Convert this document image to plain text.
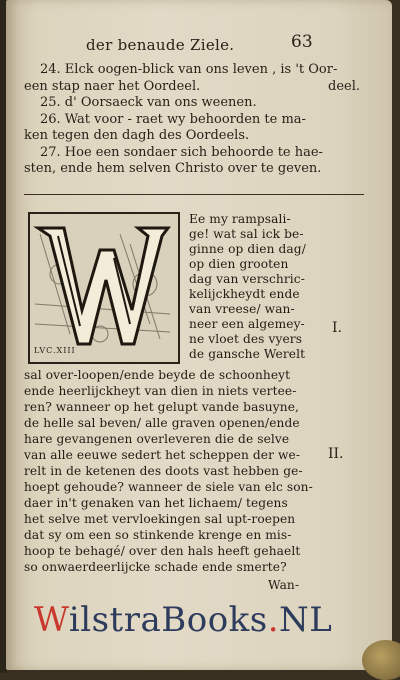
der benaude Ziele.	63
24. Elck oogen-blick van ons leven , is 't Oor-
een stap naer het Oordeel.
25. d' Oorsaeck van ons weenen.
26. Wat voor - raet wy behoorden te ma-
ken tegen den dagh des Oordeels.
27. Hoe een sondaer sich behoorde te hae-
sten, ende hem selven Christo over te geven.
deel.
LVC.XIII
Ee my rampsali-
ge! wat sal ick be-
ginne op dien dag/
op dien grooten
dag van verschric-
kelijckheydt ende
van vreese/ wan-
neer een algemey-
ne vloet des vyers
de gansche Werelt
I.
II.
sal over-loopen/ende beyde de schoonheyt
ende heerlijckheyt van dien in niets vertee-
ren? wanneer op het gelupt vande basuyne,
de helle sal beven/ alle graven openen/ende
hare gevangenen overleveren die de selve
van alle eeuwe sedert het scheppen der we-
relt in de ketenen des doots vast hebben ge-
hoept gehoude? wanneer de siele van elc son-
daer in't genaken van het lichaem/ tegens
het selve met vervloekingen sal upt-roepen
dat sy om een so stinkende krenge en mis-
hoop te behagé/ over den hals heeft gehaelt
so onwaerdeerlijcke schade ende smerte?
Wan-
WilstraBooks.NL
